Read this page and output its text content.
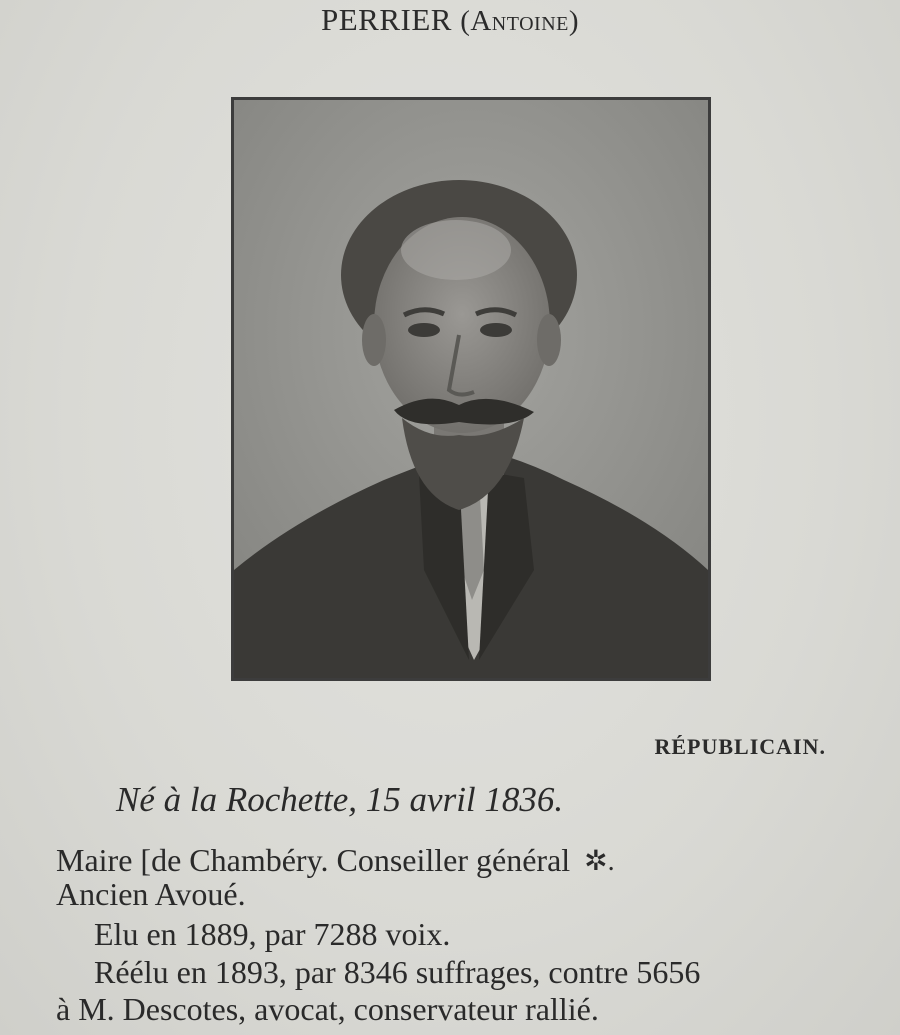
PERRIER (Antoine)
RÉPUBLICAIN.
Né à la Rochette, 15 avril 1836.
Maire [de Chambéry. Conseiller général ✲.
Ancien Avoué.
Elu en 1889, par 7288 voix.
Réélu en 1893, par 8346 suffrages, contre 5656
à M. Descotes, avocat, conservateur rallié.
